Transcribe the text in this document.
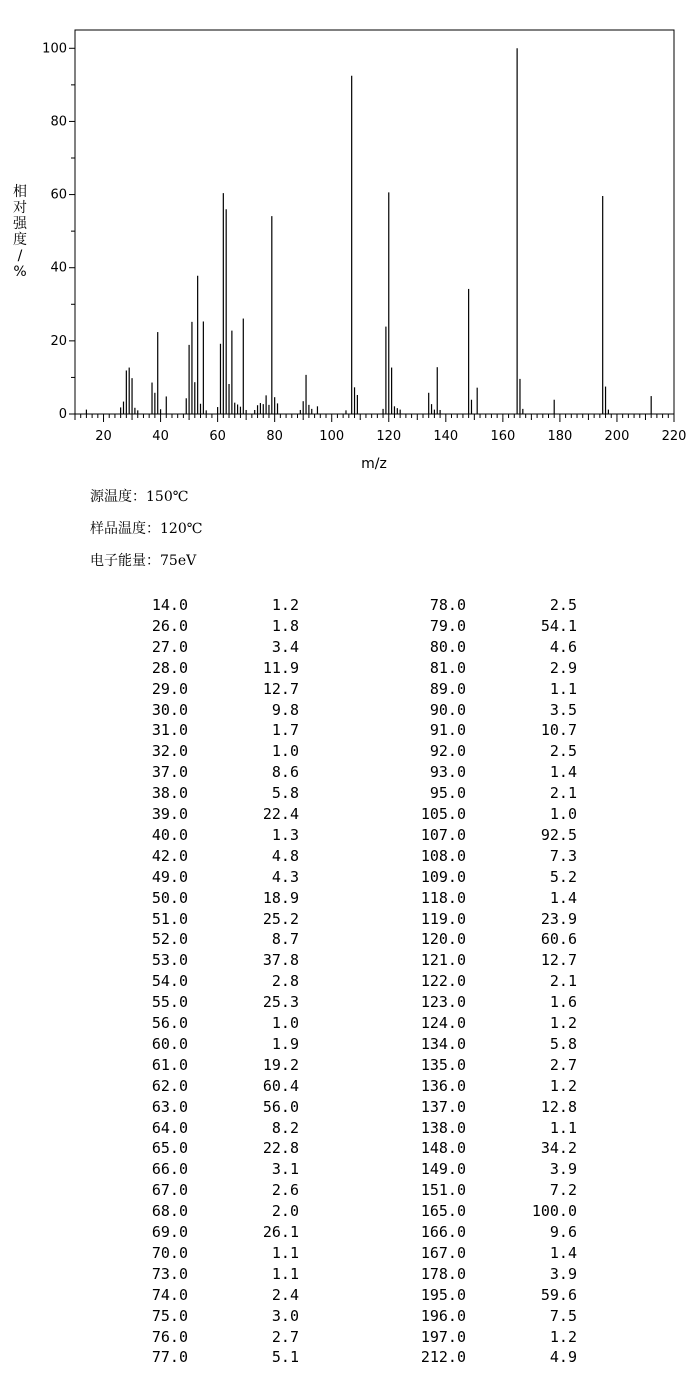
0
20
40
60
80
100
20	40	60	80	100 120 140 160 180 200 220
m/z
相对强度/ %
源温度：150℃
样品温度：120℃
电子能量：75eV
14.0	1.2	78.0	2.5
26.0	1.8	79.0	54.1
27.0	3.4	80.0	4.6
28.0	11.9	81.0	2.9
29.0	12.7	89.0	1.1
30.0	9.8	90.0	3.5
31.0	1.7	91.0	10.7
32.0	1.0	92.0	2.5
37.0	8.6	93.0	1.4
38.0	5.8	95.0	2.1
39.0	22.4	105.0	1.0
40.0	1.3	107.0	92.5
42.0	4.8	108.0	7.3
49.0	4.3	109.0	5.2
50.0	18.9	118.0	1.4
51.0	25.2	119.0	23.9
52.0	8.7	120.0	60.6
53.0	37.8	121.0	12.7
54.0	2.8	122.0	2.1
55.0	25.3	123.0	1.6
56.0	1.0	124.0	1.2
60.0	1.9	134.0	5.8
61.0	19.2	135.0	2.7
62.0	60.4	136.0	1.2
63.0	56.0	137.0	12.8
64.0	8.2	138.0	1.1
65.0	22.8	148.0	34.2
66.0	3.1	149.0	3.9
67.0	2.6	151.0	7.2
68.0	2.0	165.0	100.0
69.0	26.1	166.0	9.6
70.0	1.1	167.0	1.4
73.0	1.1	178.0	3.9
74.0	2.4	195.0	59.6
75.0	3.0	196.0	7.5
76.0	2.7	197.0	1.2
77.0	5.1	212.0	4.9
